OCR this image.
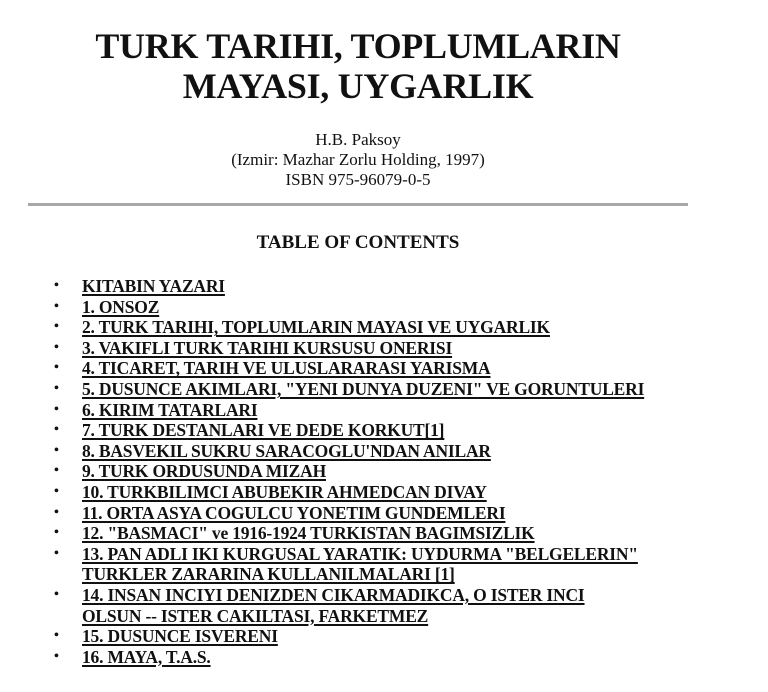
TURK TARIHI, TOPLUMLARIN
MAYASI, UYGARLIK
H.B. Paksoy
(Izmir: Mazhar Zorlu Holding, 1997)
ISBN 975-96079-0-5
TABLE OF CONTENTS
• KITABIN YAZARI
• 1. ONSOZ
• 2. TURK TARIHI, TOPLUMLARIN MAYASI VE UYGARLIK
• 3. VAKIFLI TURK TARIHI KURSUSU ONERISI
• 4. TICARET, TARIH VE ULUSLARARASI YARISMA
• 5. DUSUNCE AKIMLARI, "YENI DUNYA DUZENI" VE GORUNTULERI
• 6. KIRIM TATARLARI
• 7. TURK DESTANLARI VE DEDE KORKUT[1]
• 8. BASVEKIL SUKRU SARACOGLU'NDAN ANILAR
• 9. TURK ORDUSUNDA MIZAH
• 10. TURKBILIMCI ABUBEKIR AHMEDCAN DIVAY
• 11. ORTA ASYA COGULCU YONETIM GUNDEMLERI
• 12. "BASMACI" ve 1916-1924 TURKISTAN BAGIMSIZLIK
• 13. PAN ADLI IKI KURGUSAL YARATIK: UYDURMA "BELGELERIN"
TURKLER ZARARINA KULLANILMALARI [1]
• 14. INSAN INCIYI DENIZDEN CIKARMADIKCA, O ISTER INCI
OLSUN -- ISTER CAKILTASI, FARKETMEZ
• 15. DUSUNCE ISVERENI
• 16. MAYA, T.A.S.
